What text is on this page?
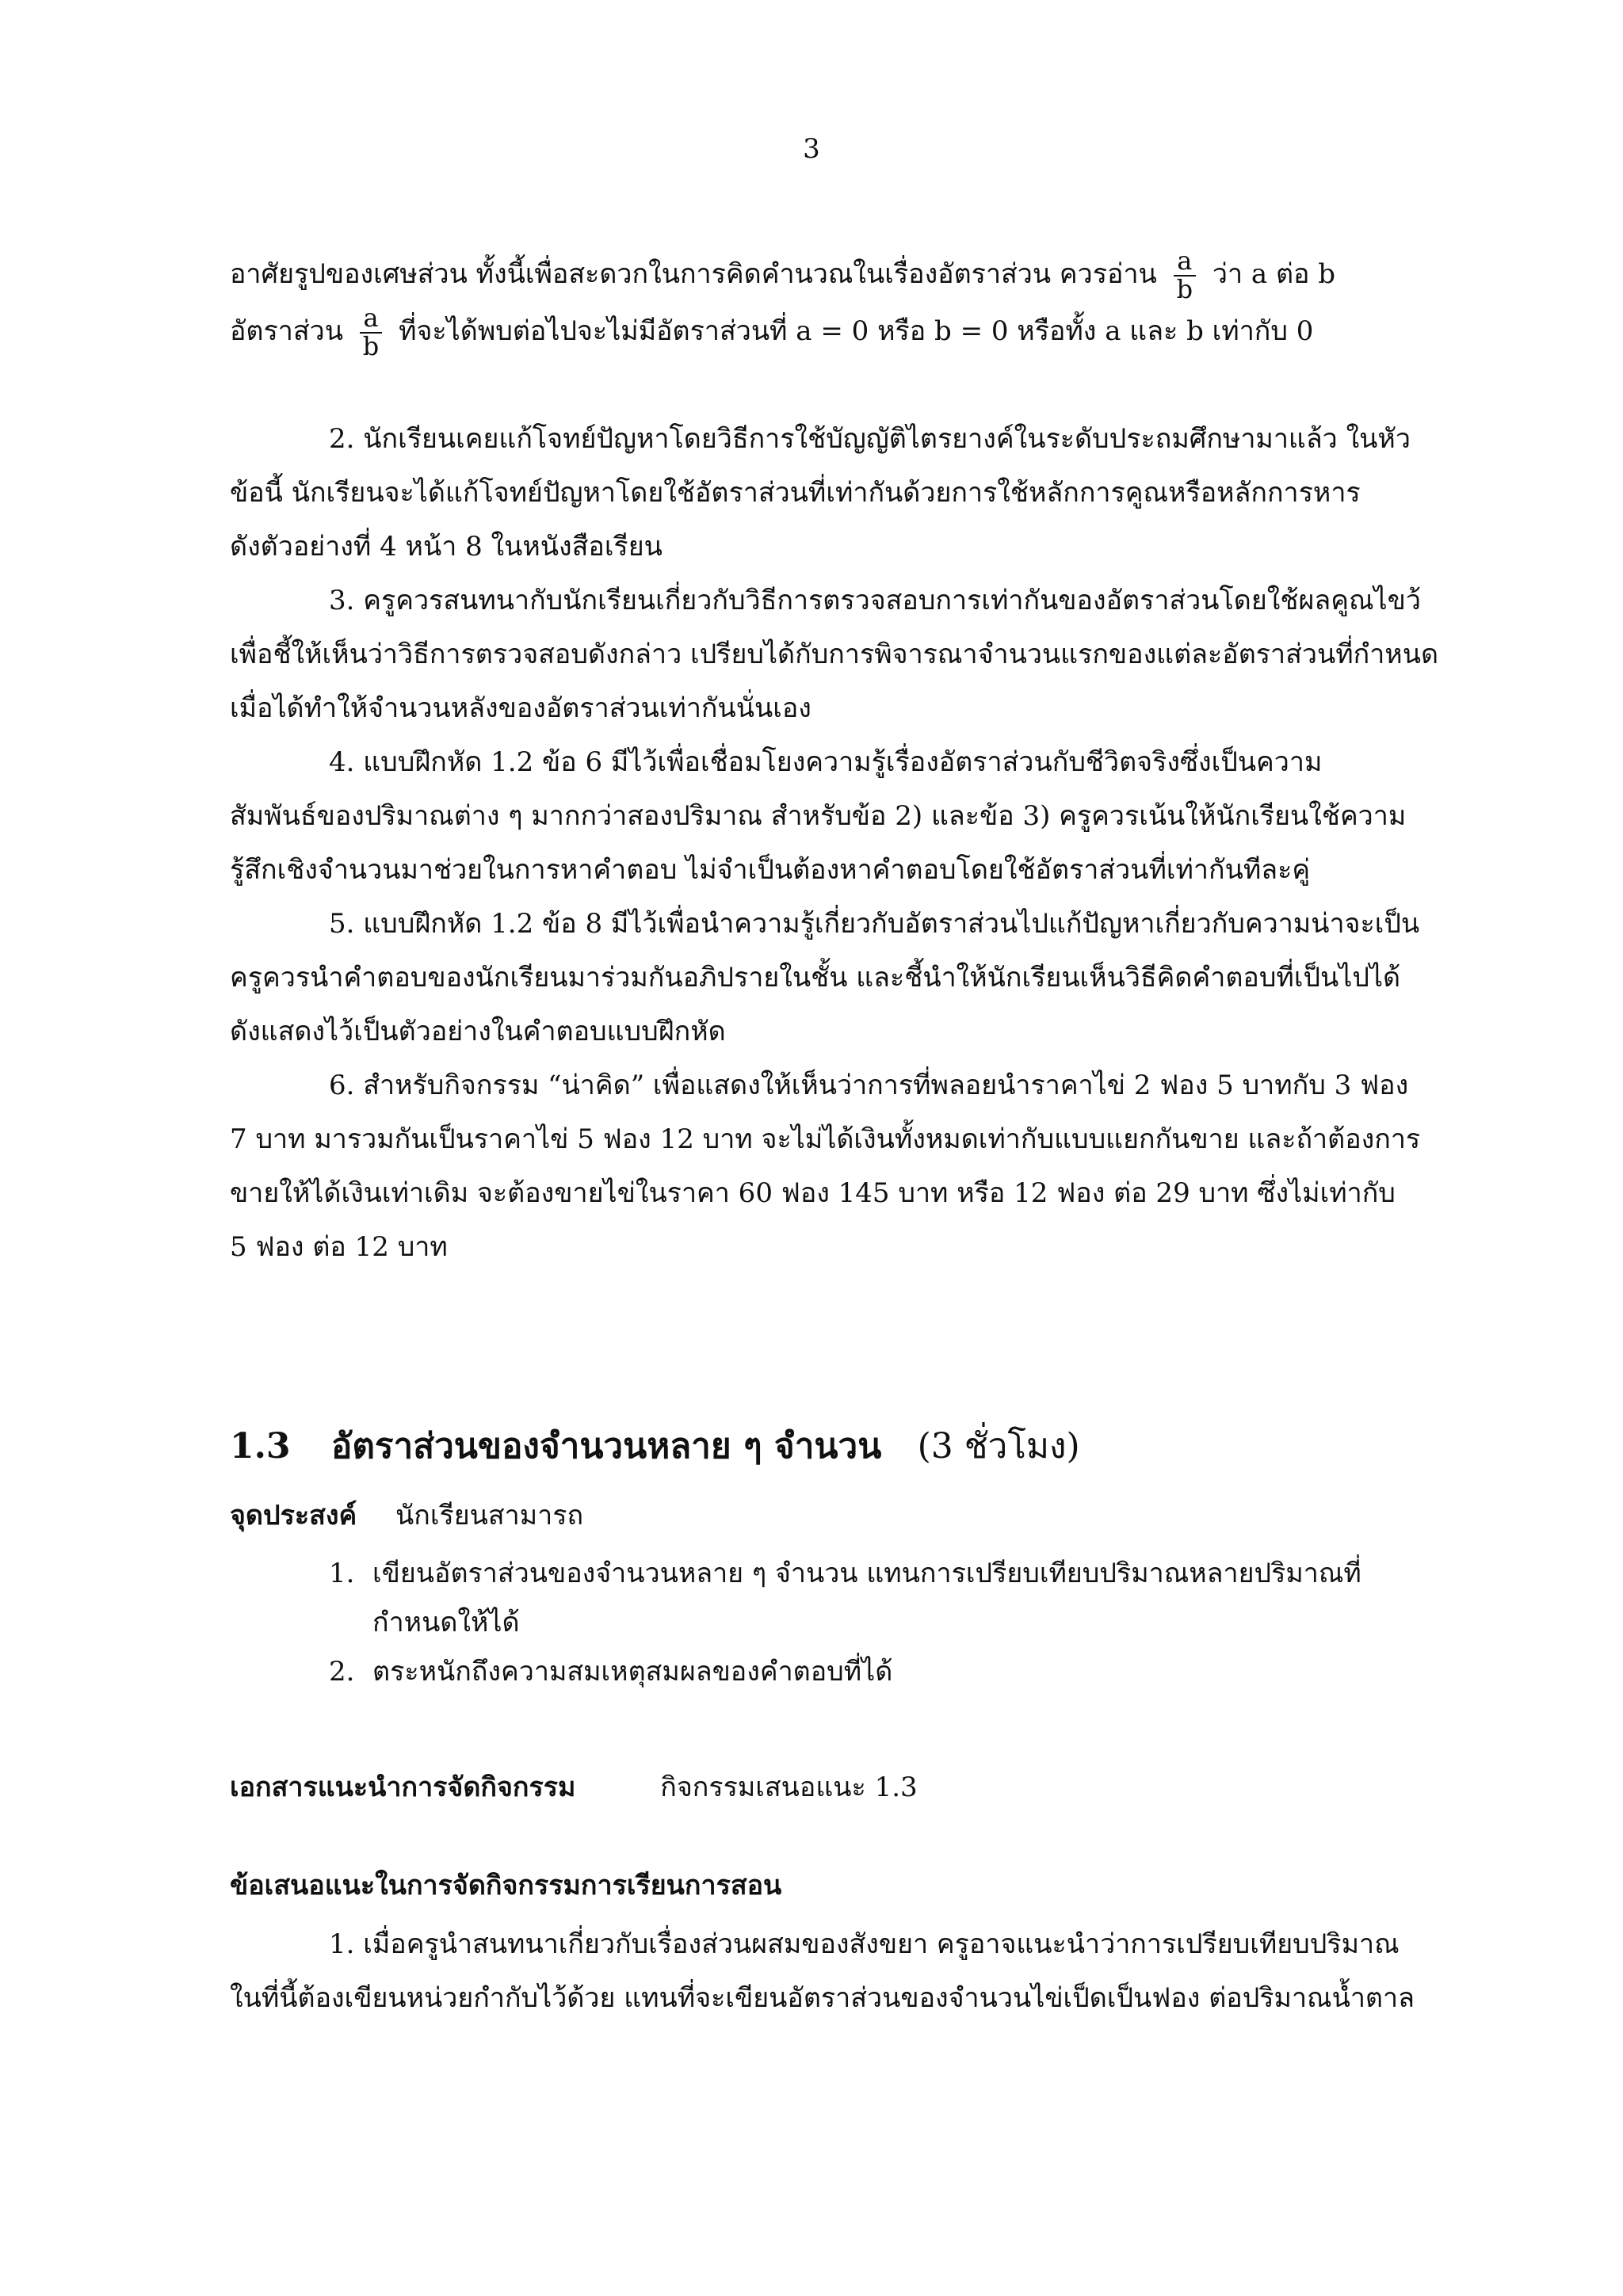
3
อาศัยรูปของเศษส่วน ทั้งนี้เพื่อสะดวกในการคิดคำนวณในเรื่องอัตราส่วน ควรอ่าน $\frac{a}{b}$ ว่า a ต่อ b
อัตราส่วน $\frac{a}{b}$ ที่จะได้พบต่อไปจะไม่มีอัตราส่วนที่ a = 0 หรือ b = 0 หรือทั้ง a และ b เท่ากับ 0
2. นักเรียนเคยแก้โจทย์ปัญหาโดยวิธีการใช้บัญญัติไตรยางค์ในระดับประถมศึกษามาแล้ว ในหัว
ข้อนี้ นักเรียนจะได้แก้โจทย์ปัญหาโดยใช้อัตราส่วนที่เท่ากันด้วยการใช้หลักการคูณหรือหลักการหาร
ดังตัวอย่างที่ 4 หน้า 8 ในหนังสือเรียน
3. ครูควรสนทนากับนักเรียนเกี่ยวกับวิธีการตรวจสอบการเท่ากันของอัตราส่วนโดยใช้ผลคูณไขว้
เพื่อชี้ให้เห็นว่าวิธีการตรวจสอบดังกล่าว เปรียบได้กับการพิจารณาจำนวนแรกของแต่ละอัตราส่วนที่กำหนด
เมื่อได้ทำให้จำนวนหลังของอัตราส่วนเท่ากันนั่นเอง
4. แบบฝึกหัด 1.2 ข้อ 6 มีไว้เพื่อเชื่อมโยงความรู้เรื่องอัตราส่วนกับชีวิตจริงซึ่งเป็นความ
สัมพันธ์ของปริมาณต่าง ๆ มากกว่าสองปริมาณ สำหรับข้อ 2) และข้อ 3) ครูควรเน้นให้นักเรียนใช้ความ
รู้สึกเชิงจำนวนมาช่วยในการหาคำตอบ ไม่จำเป็นต้องหาคำตอบโดยใช้อัตราส่วนที่เท่ากันทีละคู่
5. แบบฝึกหัด 1.2 ข้อ 8 มีไว้เพื่อนำความรู้เกี่ยวกับอัตราส่วนไปแก้ปัญหาเกี่ยวกับความน่าจะเป็น
ครูควรนำคำตอบของนักเรียนมาร่วมกันอภิปรายในชั้น และชี้นำให้นักเรียนเห็นวิธีคิดคำตอบที่เป็นไปได้
ดังแสดงไว้เป็นตัวอย่างในคำตอบแบบฝึกหัด
6. สำหรับกิจกรรม “น่าคิด” เพื่อแสดงให้เห็นว่าการที่พลอยนำราคาไข่ 2 ฟอง 5 บาทกับ 3 ฟอง
7 บาท มารวมกันเป็นราคาไข่ 5 ฟอง 12 บาท จะไม่ได้เงินทั้งหมดเท่ากับแบบแยกกันขาย และถ้าต้องการ
ขายให้ได้เงินเท่าเดิม จะต้องขายไข่ในราคา 60 ฟอง 145 บาท หรือ 12 ฟอง ต่อ 29 บาท ซึ่งไม่เท่ากับ
5 ฟอง ต่อ 12 บาท
1.3 อัตราส่วนของจำนวนหลาย ๆ จำนวน (3 ชั่วโมง)
จุดประสงค์ นักเรียนสามารถ
1. เขียนอัตราส่วนของจำนวนหลาย ๆ จำนวน แทนการเปรียบเทียบปริมาณหลายปริมาณที่
กำหนดให้ได้
2. ตระหนักถึงความสมเหตุสมผลของคำตอบที่ได้
เอกสารแนะนำการจัดกิจกรรม	กิจกรรมเสนอแนะ 1.3
ข้อเสนอแนะในการจัดกิจกรรมการเรียนการสอน
1. เมื่อครูนำสนทนาเกี่ยวกับเรื่องส่วนผสมของสังขยา ครูอาจแนะนำว่าการเปรียบเทียบปริมาณ
ในที่นี้ต้องเขียนหน่วยกำกับไว้ด้วย แทนที่จะเขียนอัตราส่วนของจำนวนไข่เป็ดเป็นฟอง ต่อปริมาณน้ำตาล
